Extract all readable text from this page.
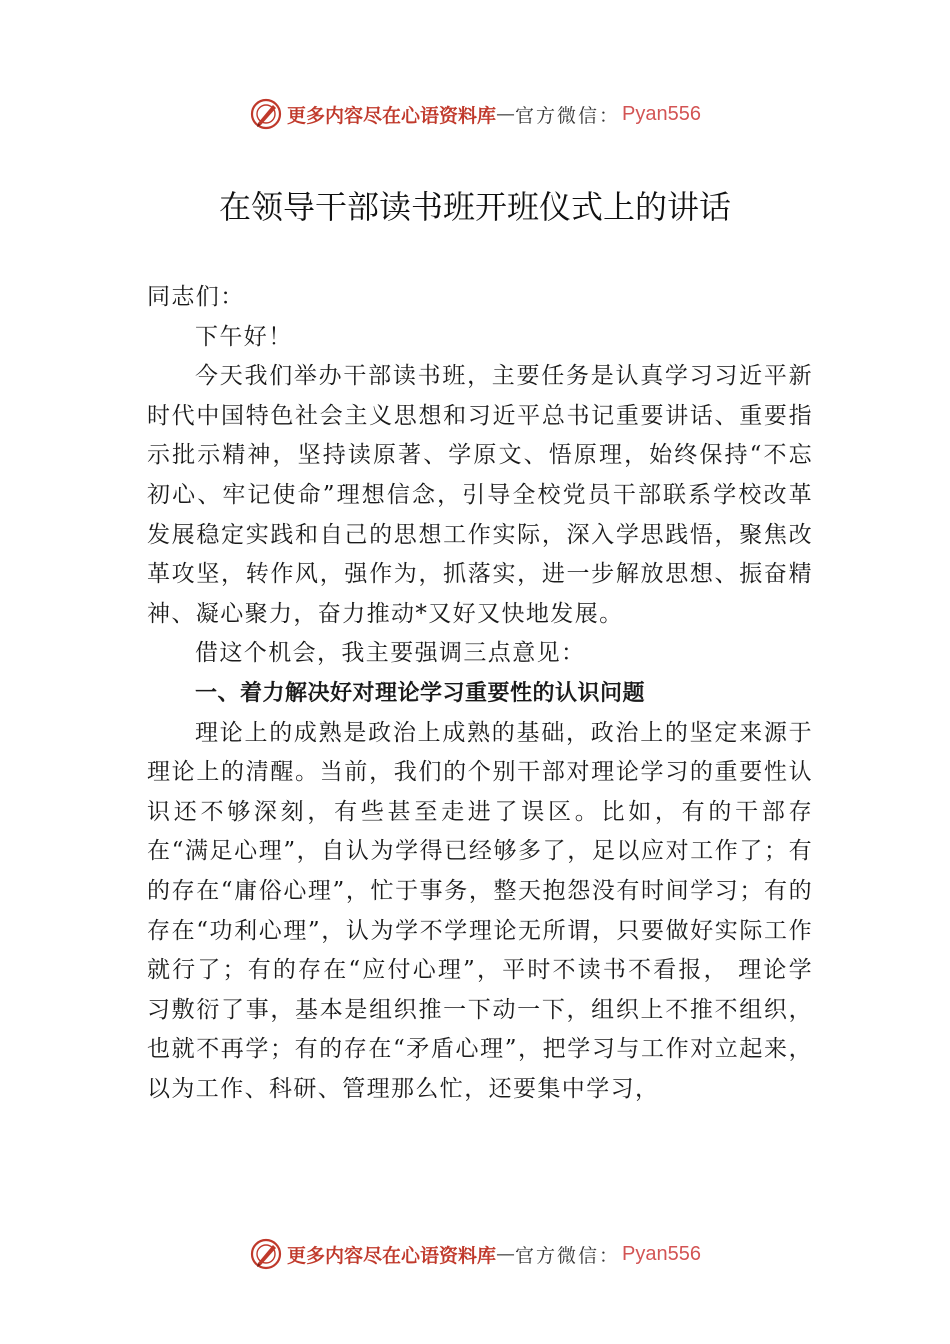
更多内容尽在心语资料库 — 官方微信： Pyan556
在领导干部读书班开班仪式上的讲话

同志们：

下午好！

今天我们举办干部读书班，主要任务是认真学习习近平新时代中国特色社会主义思想和习近平总书记重要讲话、重要指示批示精神，坚持读原著、学原文、悟原理，始终保持“不忘初心、牢记使命”理想信念，引导全校党员干部联系学校改革发展稳定实践和自己的思想工作实际，深入学思践悟，聚焦改革攻坚，转作风，强作为，抓落实，进一步解放思想、振奋精神、凝心聚力，奋力推动*又好又快地发展。

借这个机会，我主要强调三点意见：

一、着力解决好对理论学习重要性的认识问题

理论上的成熟是政治上成熟的基础，政治上的坚定来源于理论上的清醒。当前，我们的个别干部对理论学习的重要性认识还不够深刻，有些甚至走进了误区。比如，有的干部存在“满足心理”，自认为学得已经够多了，足以应对工作了；有的存在“庸俗心理”，忙于事务，整天抱怨没有时间学习；有的存在“功利心理”，认为学不学理论无所谓，只要做好实际工作就行了；有的存在“应付心理”，平时不读书不看报， 理论学习敷衍了事，基本是组织推一下动一下，组织上不推不组织，也就不再学；有的存在“矛盾心理”，把学习与工作对立起来，以为工作、科研、管理那么忙，还要集中学习，

更多内容尽在心语资料库 — 官方微信： Pyan556
